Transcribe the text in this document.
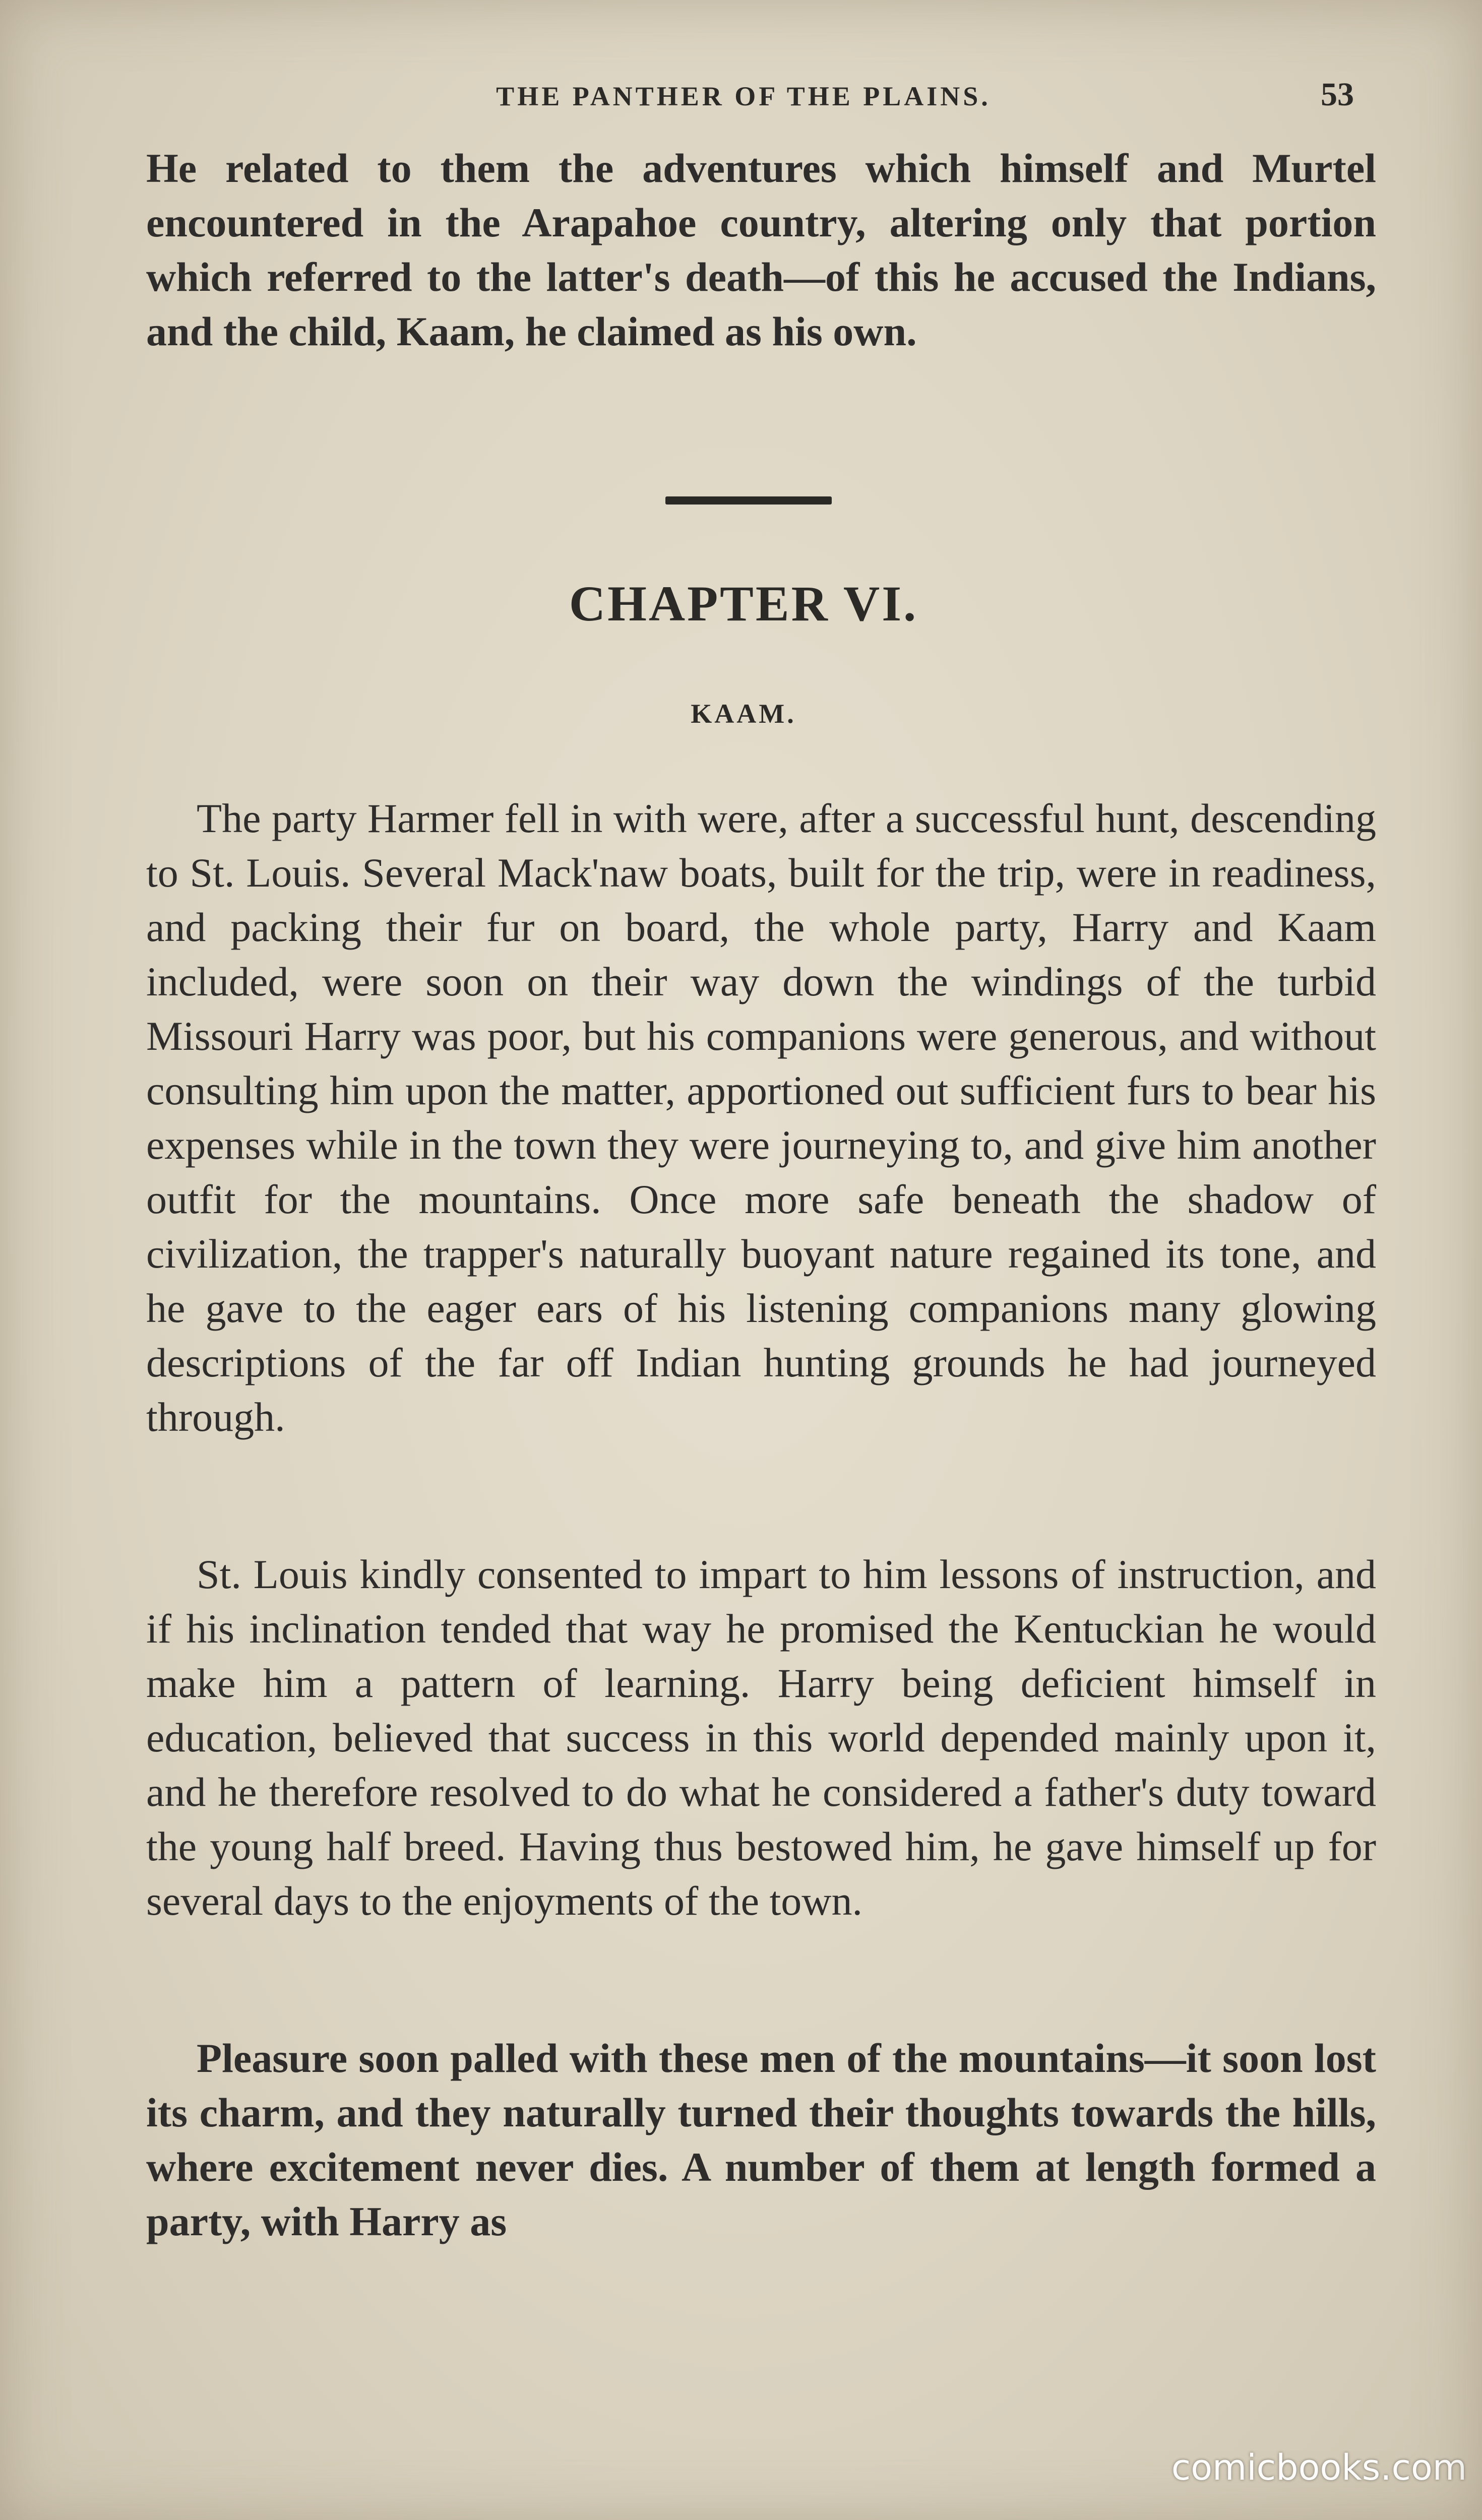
THE PANTHER OF THE PLAINS.	53

He related to them the adventures which himself and Murtel encountered in the Arapahoe country, altering only that portion which referred to the latter's death—of this he accused the Indians, and the child, Kaam, he claimed as his own.

CHAPTER VI.
KAAM.

The party Harmer fell in with were, after a successful hunt, descending to St. Louis. Several Mack'naw boats, built for the trip, were in readiness, and packing their fur on board, the whole party, Harry and Kaam included, were soon on their way down the windings of the turbid Missouri Harry was poor, but his companions were generous, and without consulting him upon the matter, apportioned out sufficient furs to bear his expenses while in the town they were journeying to, and give him another outfit for the mountains. Once more safe beneath the shadow of civilization, the trapper's naturally buoyant nature regained its tone, and he gave to the eager ears of his listening companions many glowing descriptions of the far off Indian hunting grounds he had journeyed through.

St. Louis kindly consented to impart to him lessons of instruction, and if his inclination tended that way he promised the Kentuckian he would make him a pattern of learning. Harry being deficient himself in education, believed that success in this world depended mainly upon it, and he therefore resolved to do what he considered a father's duty toward the young half breed. Having thus bestowed him, he gave himself up for several days to the enjoyments of the town.

Pleasure soon palled with these men of the mountains—it soon lost its charm, and they naturally turned their thoughts towards the hills, where excitement never dies. A number of them at length formed a party, with Harry as

comicbooks.com
